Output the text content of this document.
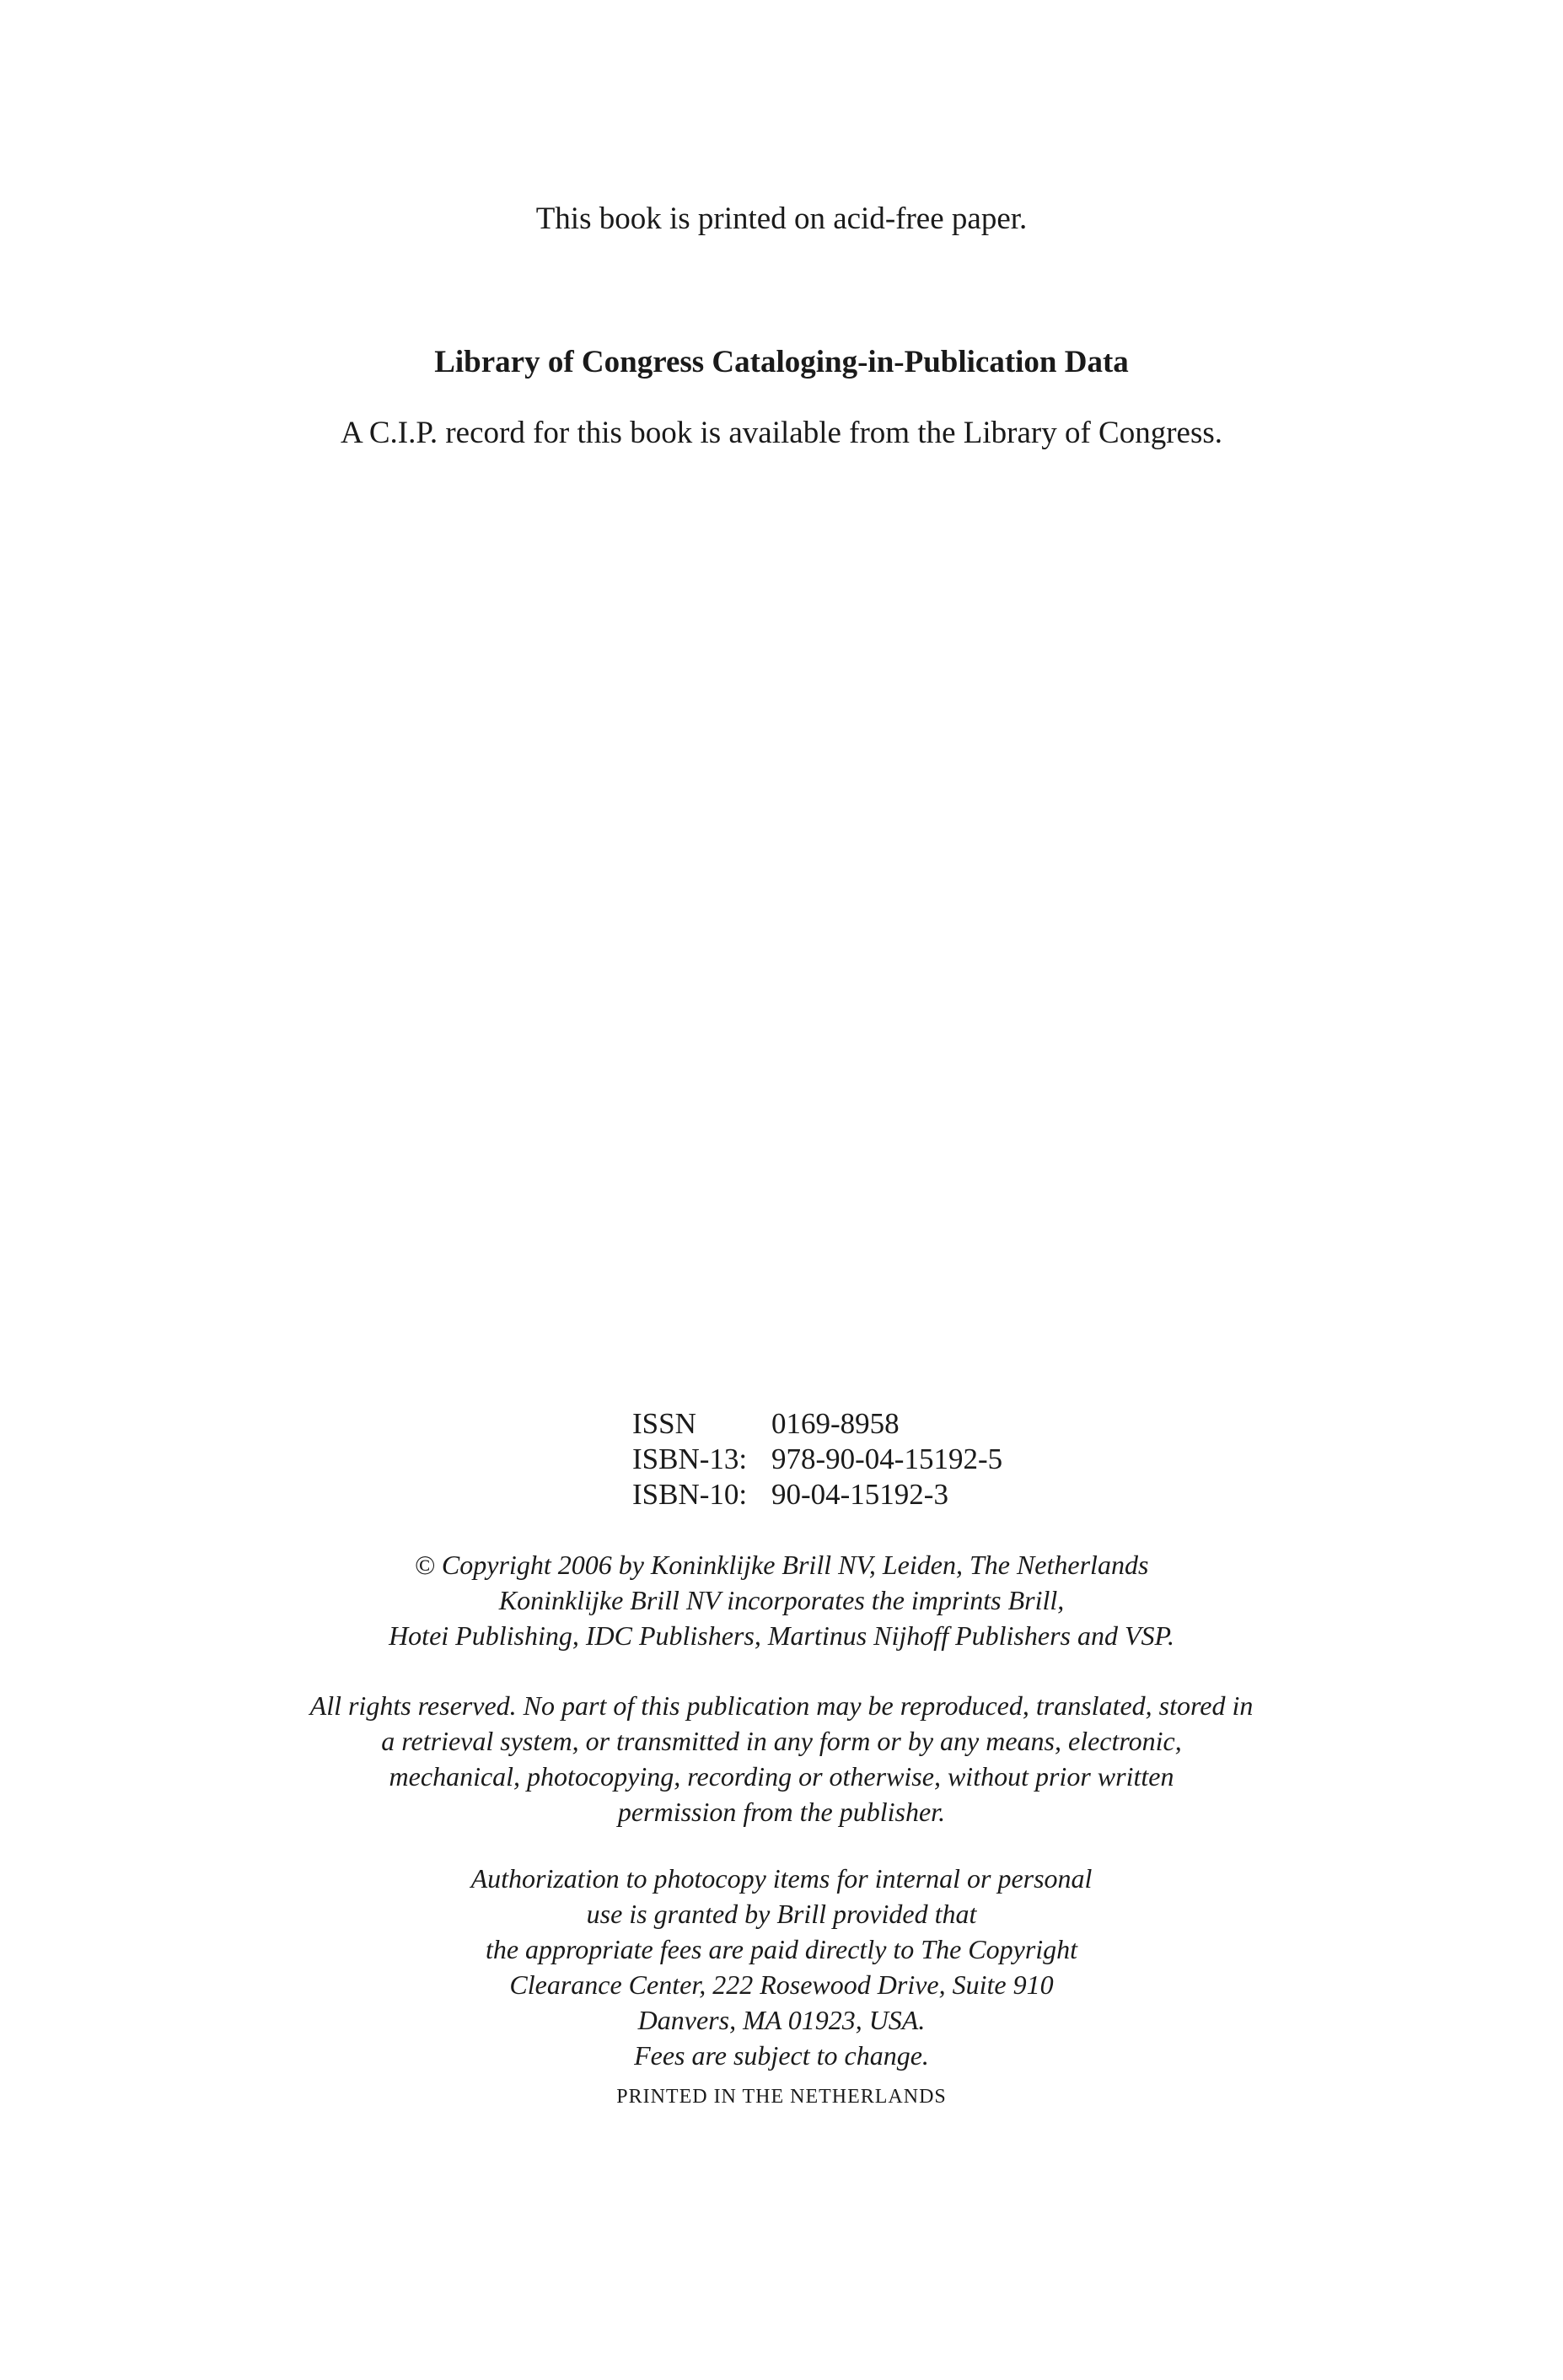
This book is printed on acid-free paper.
Library of Congress Cataloging-in-Publication Data
A C.I.P. record for this book is available from the Library of Congress.
ISSN	0169-8958
ISBN-13: 978-90-04-15192-5
ISBN-10: 90-04-15192-3
© Copyright 2006 by Koninklijke Brill NV, Leiden, The Netherlands
Koninklijke Brill NV incorporates the imprints Brill,
Hotei Publishing, IDC Publishers, Martinus Nijhoff Publishers and VSP.
All rights reserved. No part of this publication may be reproduced, translated, stored in
a retrieval system, or transmitted in any form or by any means, electronic,
mechanical, photocopying, recording or otherwise, without prior written
permission from the publisher.
Authorization to photocopy items for internal or personal
use is granted by Brill provided that
the appropriate fees are paid directly to The Copyright
Clearance Center, 222 Rosewood Drive, Suite 910
Danvers, MA 01923, USA.
Fees are subject to change.
PRINTED IN THE NETHERLANDS
